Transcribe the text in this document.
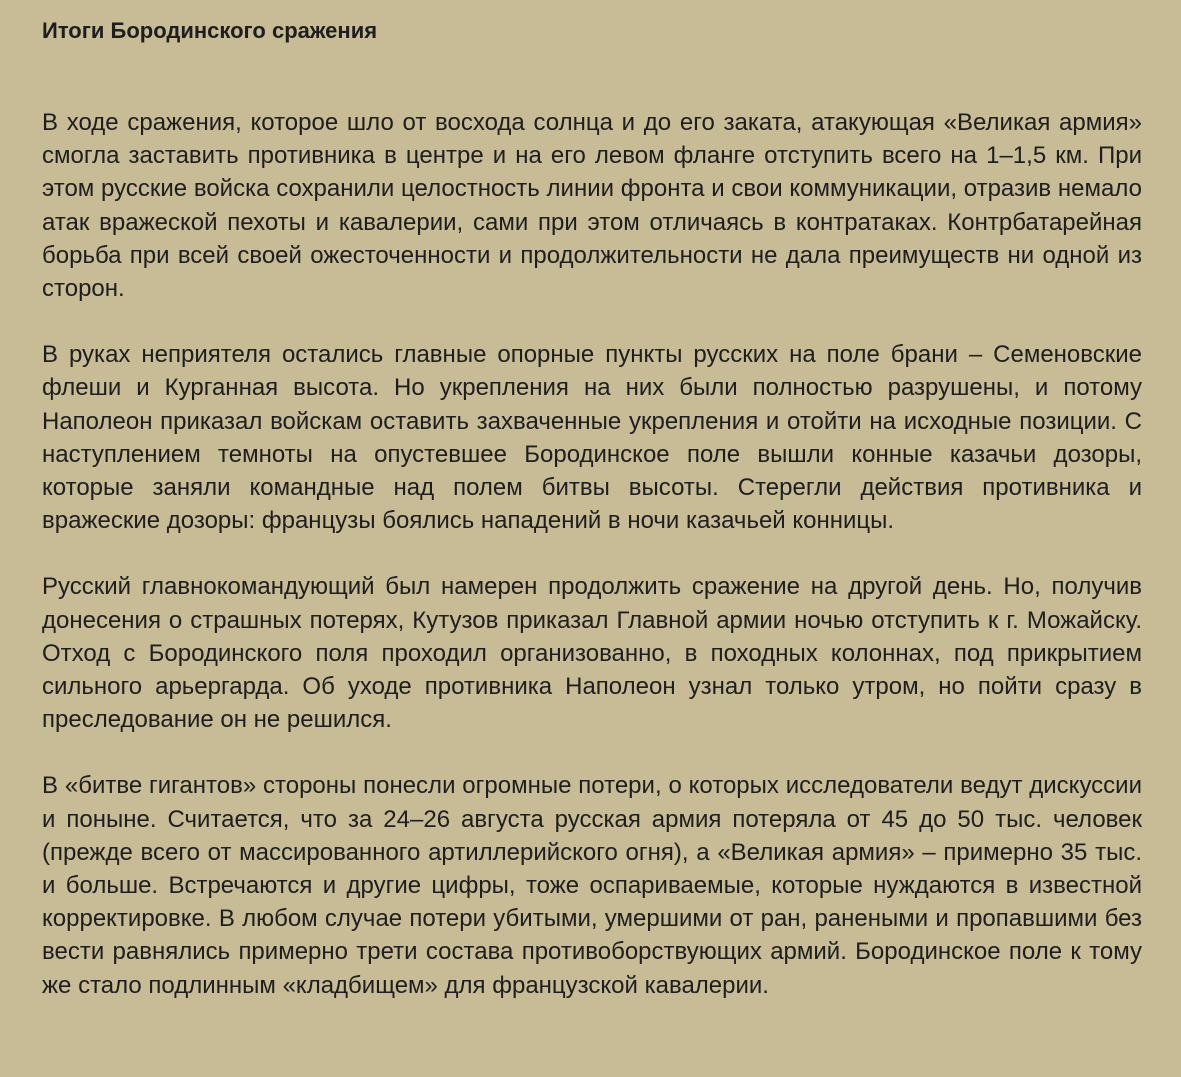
Итоги Бородинского сражения

В ходе сражения, которое шло от восхода солнца и до его заката, атакующая «Великая армия» смогла заставить противника в центре и на его левом фланге отступить всего на 1–1,5 км. При этом русские войска сохранили целостность линии фронта и свои коммуникации, отразив немало атак вражеской пехоты и кавалерии, сами при этом отличаясь в контратаках. Контрбатарейная борьба при всей своей ожесточенности и продолжительности не дала преимуществ ни одной из сторон.

В руках неприятеля остались главные опорные пункты русских на поле брани – Семеновские флеши и Курганная высота. Но укрепления на них были полностью разрушены, и потому Наполеон приказал войскам оставить захваченные укрепления и отойти на исходные позиции. С наступлением темноты на опустевшее Бородинское поле вышли конные казачьи дозоры, которые заняли командные над полем битвы высоты. Стерегли действия противника и вражеские дозоры: французы боялись нападений в ночи казачьей конницы.

Русский главнокомандующий был намерен продолжить сражение на другой день. Но, получив донесения о страшных потерях, Кутузов приказал Главной армии ночью отступить к г. Можайску. Отход с Бородинского поля проходил организованно, в походных колоннах, под прикрытием сильного арьергарда. Об уходе противника Наполеон узнал только утром, но пойти сразу в преследование он не решился.

В «битве гигантов» стороны понесли огромные потери, о которых исследователи ведут дискуссии и поныне. Считается, что за 24–26 августа русская армия потеряла от 45 до 50 тыс. человек (прежде всего от массированного артиллерийского огня), а «Великая армия» – примерно 35 тыс. и больше. Встречаются и другие цифры, тоже оспариваемые, которые нуждаются в известной корректировке. В любом случае потери убитыми, умершими от ран, ранеными и пропавшими без вести равнялись примерно трети состава противоборствующих армий. Бородинское поле к тому же стало подлинным «кладбищем» для французской кавалерии.
